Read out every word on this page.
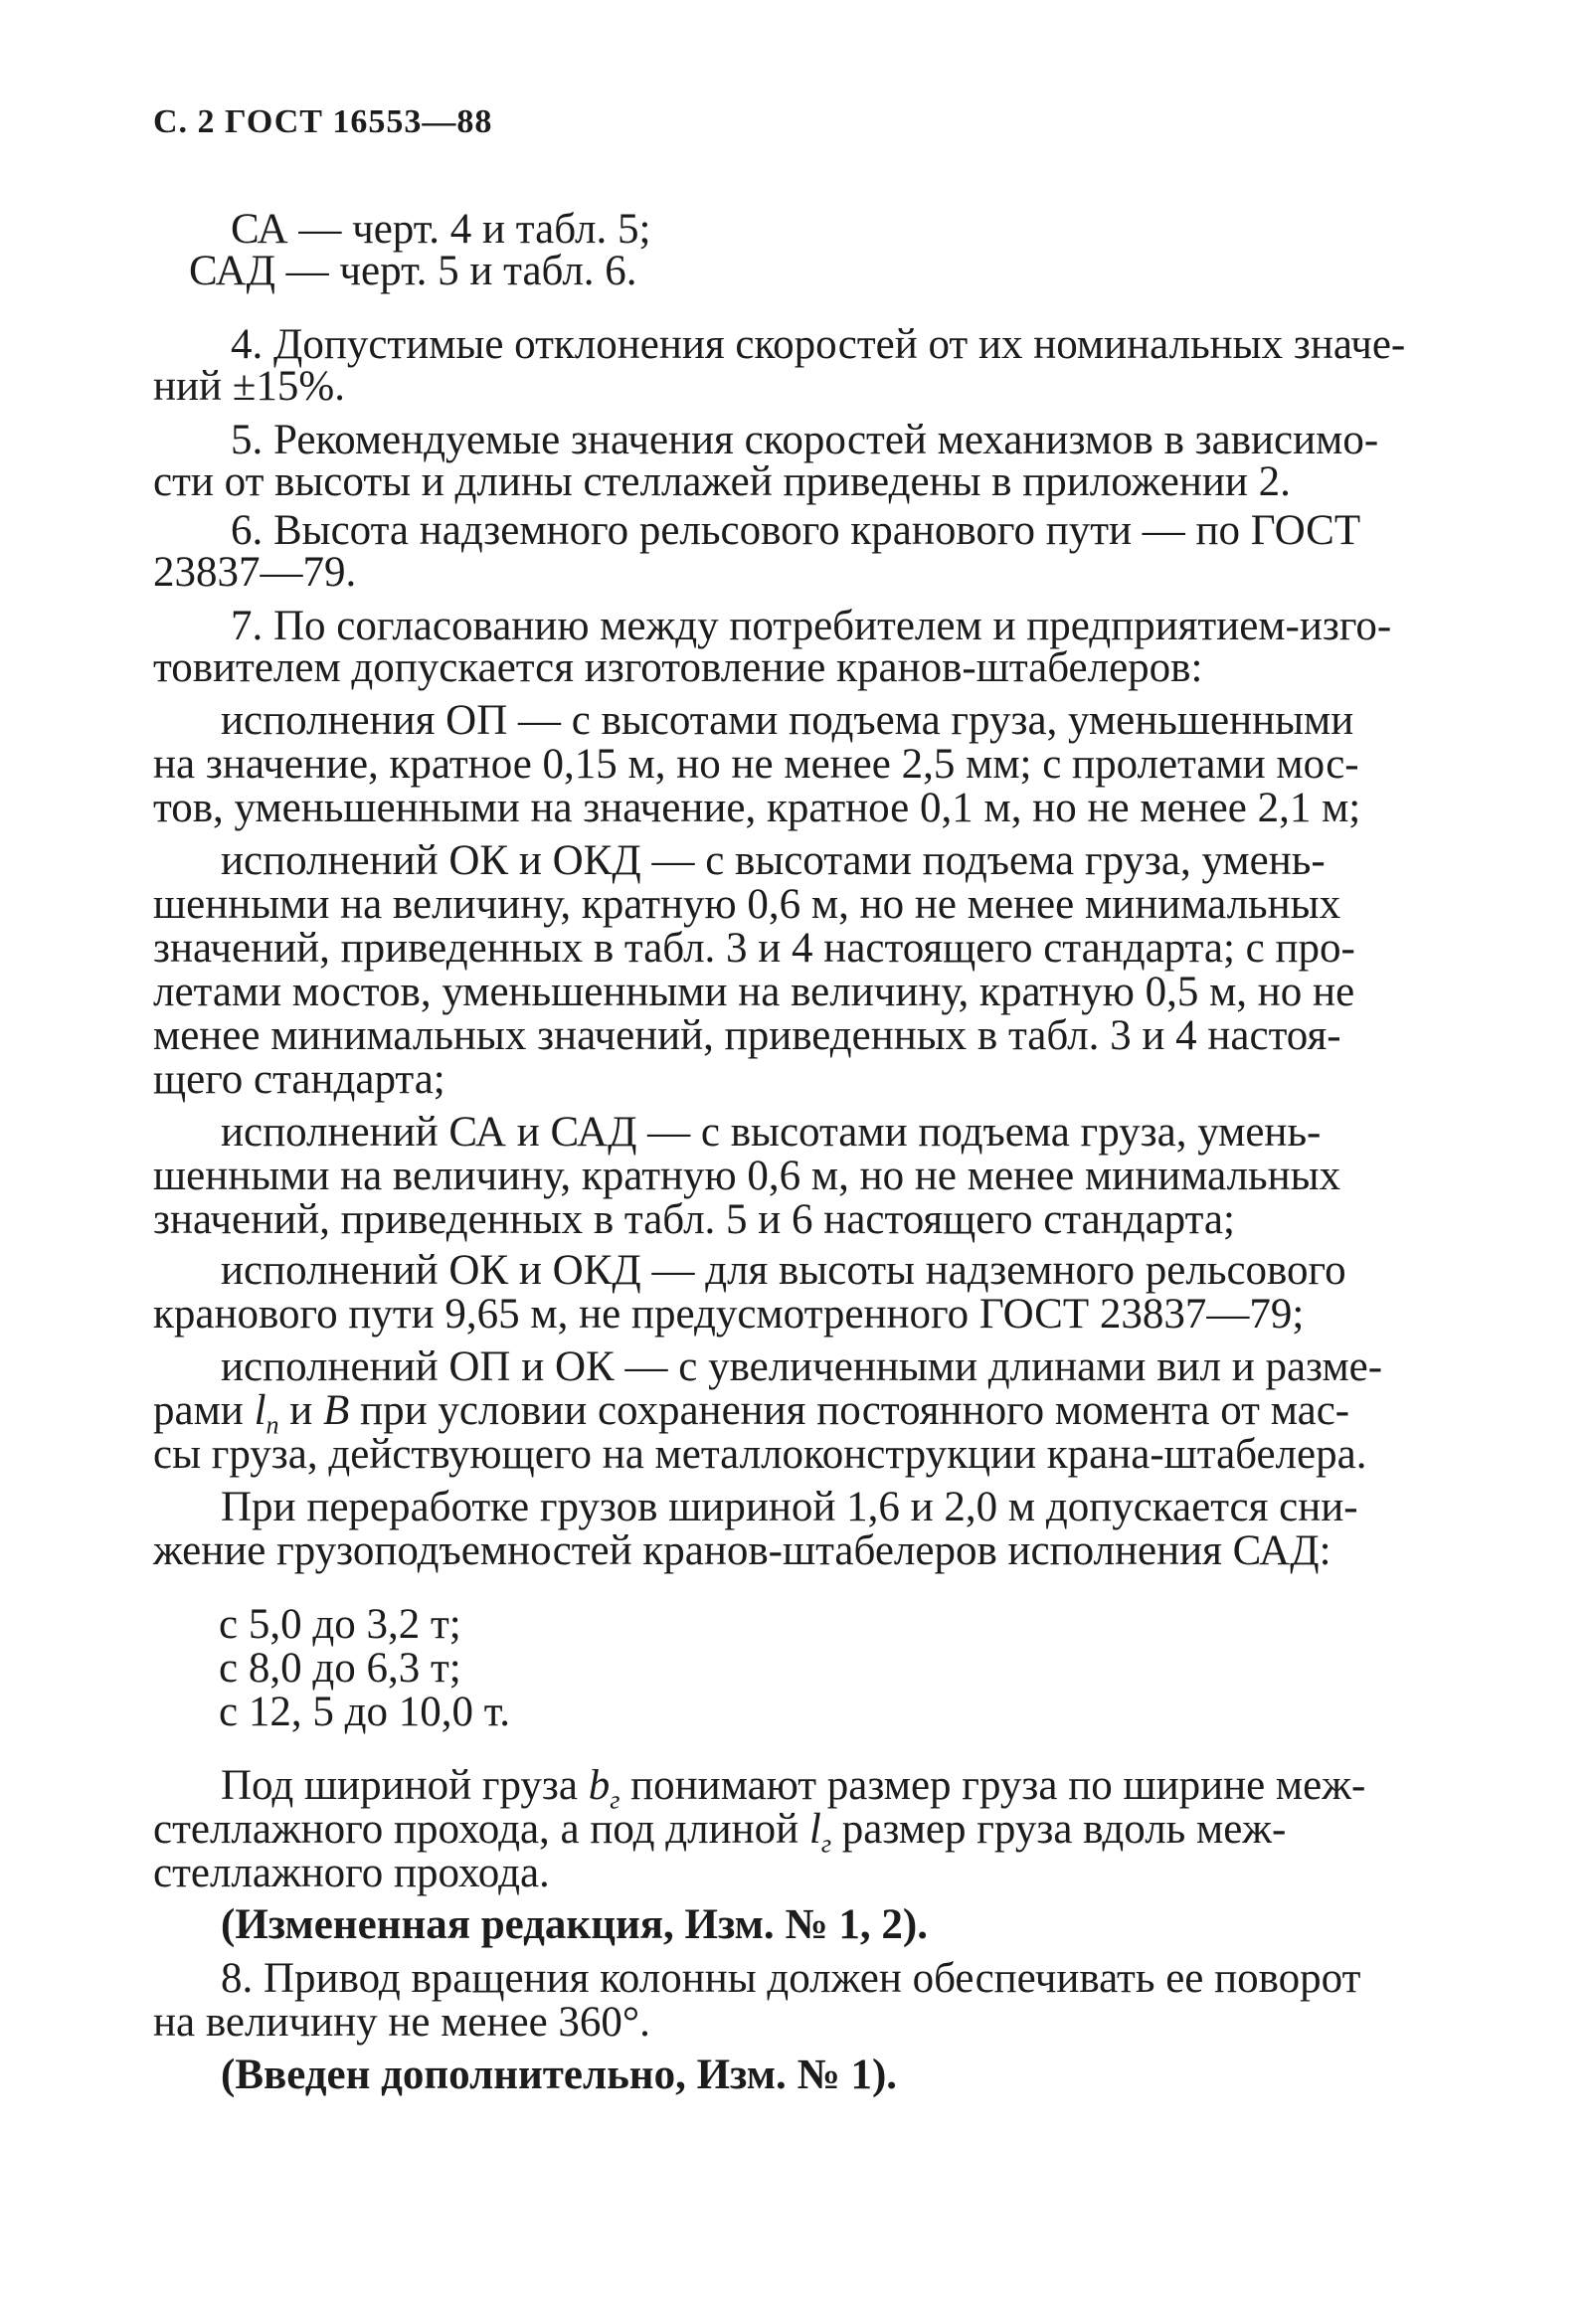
С. 2 ГОСТ 16553—88
СА — черт. 4 и табл. 5;
САД — черт. 5 и табл. 6.
4. Допустимые отклонения скоростей от их номинальных значе-
ний ±15%.
5. Рекомендуемые значения скоростей механизмов в зависимо-
сти от высоты и длины стеллажей приведены в приложении 2.
6. Высота надземного рельсового кранового пути — по ГОСТ
23837—79.
7. По согласованию между потребителем и предприятием-изго-
товителем допускается изготовление кранов-штабелеров:
исполнения ОП — с высотами подъема груза, уменьшенными
на значение, кратное 0,15 м, но не менее 2,5 мм; с пролетами мос-
тов, уменьшенными на значение, кратное 0,1 м, но не менее 2,1 м;
исполнений ОК и ОКД — с высотами подъема груза, умень-
шенными на величину, кратную 0,6 м, но не менее минимальных
значений, приведенных в табл. 3 и 4 настоящего стандарта; с про-
летами мостов, уменьшенными на величину, кратную 0,5 м, но не
менее минимальных значений, приведенных в табл. 3 и 4 настоя-
щего стандарта;
исполнений СА и САД — с высотами подъема груза, умень-
шенными на величину, кратную 0,6 м, но не менее минимальных
значений, приведенных в табл. 5 и 6 настоящего стандарта;
исполнений ОК и ОКД — для высоты надземного рельсового
кранового пути 9,65 м, не предусмотренного ГОСТ 23837—79;
исполнений ОП и ОК — с увеличенными длинами вил и разме-
рами $l_п$ и B при условии сохранения постоянного момента от мас-
сы груза, действующего на металлоконструкции крана-штабелера.
При переработке грузов шириной 1,6 и 2,0 м допускается сни-
жение грузоподъемностей кранов-штабелеров исполнения САД:
с 5,0 до 3,2 т;
с 8,0 до 6,3 т;
с 12, 5 до 10,0 т.
Под шириной груза $b_г$ понимают размер груза по ширине меж-
стеллажного прохода, а под длиной $l_г$ размер груза вдоль меж-
стеллажного прохода.
(Измененная редакция, Изм. № 1, 2).
8. Привод вращения колонны должен обеспечивать ее поворот
на величину не менее 360°.
(Введен дополнительно, Изм. № 1).
